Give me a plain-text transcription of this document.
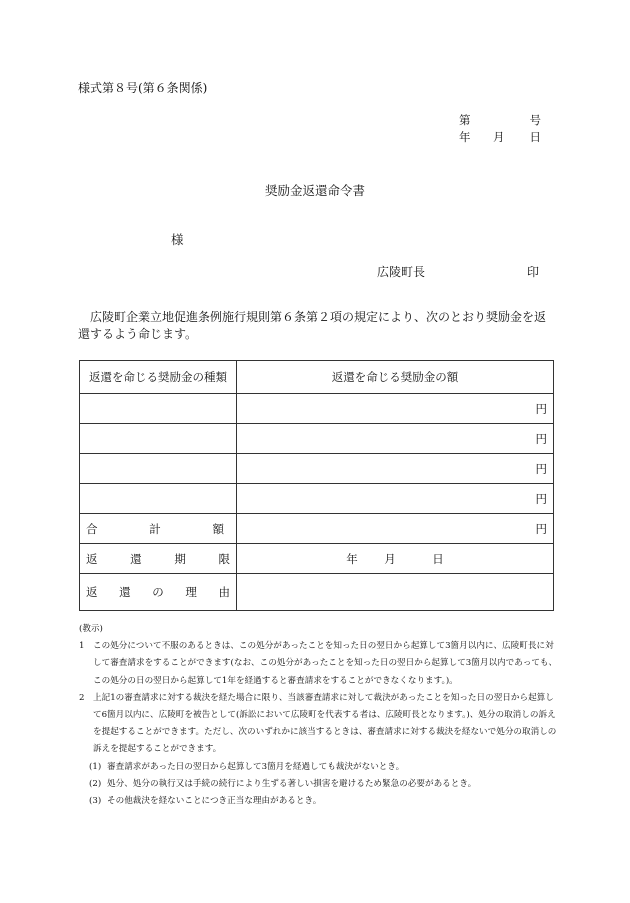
様式第８号(第６条関係)
第	号
年 月 日
奨励金返還命令書
様
広陵町長	印
広陵町企業立地促進条例施行規則第６条第２項の規定により、次のとおり奨励金を返還するよう命じます。
返還を命じる奨励金の種類	返還を命じる奨励金の額
	円
	円
	円
	円

合 計 額	円

返 還 期 限	年 月 日

返 還 の 理 由	

(教示)
1 この処分について不服のあるときは、この処分があったことを知った日の翌日から起算して3箇月以内に、広陵町長に対して審査請求をすることができます(なお、この処分があったことを知った日の翌日から起算して3箇月以内であっても、この処分の日の翌日から起算して1年を経過すると審査請求をすることができなくなります。)。
2 上記1の審査請求に対する裁決を経た場合に限り、当該審査請求に対して裁決があったことを知った日の翌日から起算して6箇月以内に、広陵町を被告として(訴訟において広陵町を代表する者は、広陵町長となります。)、処分の取消しの訴えを提起することができます。ただし、次のいずれかに該当するときは、審査請求に対する裁決を経ないで処分の取消しの訴えを提起することができます。
(1) 審査請求があった日の翌日から起算して3箇月を経過しても裁決がないとき。
(2) 処分、処分の執行又は手続の続行により生ずる著しい損害を避けるため緊急の必要があるとき。
(3) その他裁決を経ないことにつき正当な理由があるとき。
